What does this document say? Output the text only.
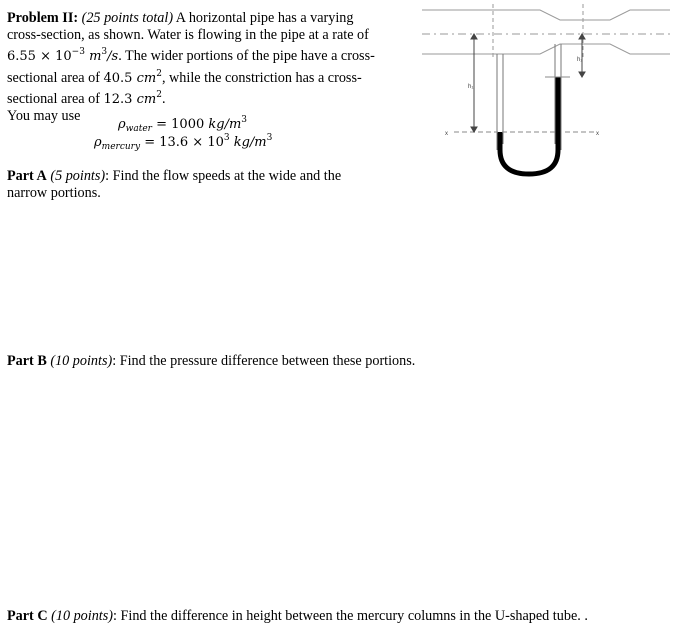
Problem II: (25 points total) A horizontal pipe has a varying cross-section, as shown. Water is flowing in the pipe at a rate of $6.55 \times 10^{-3}$ $m^3/s$. The wider portions of the pipe have a cross-sectional area of 40.5 $cm^2$, while the constriction has a cross-sectional area of 12.3 $cm^2$.

You may use

$\rho_{water} = 1000$ $kg/m^3$
$\rho_{mercury} = 13.6 \times 10^3$ $kg/m^3$
h₁
h₂
x	x
Part A (5 points): Find the flow speeds at the wide and the narrow portions.
Part B (10 points): Find the pressure difference between these portions.
Part C (10 points): Find the difference in height between the mercury columns in the U-shaped tube. .
